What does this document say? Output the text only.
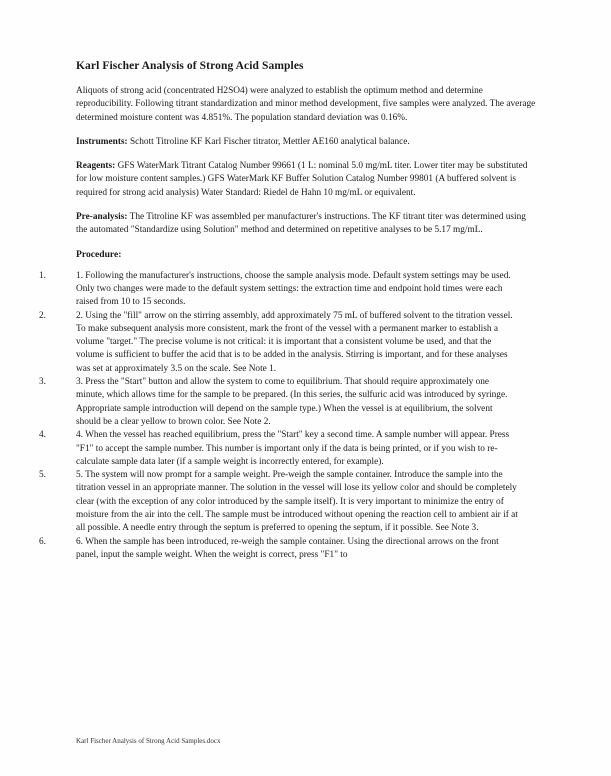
Karl Fischer Analysis of Strong Acid Samples

Aliquots of strong acid (concentrated H2SO4) were analyzed to establish the optimum method and determine reproducibility. Following titrant standardization and minor method development, five samples were analyzed. The average determined moisture content was 4.851%. The population standard deviation was 0.16%.

Instruments: Schott Titroline KF Karl Fischer titrator, Mettler AE160 analytical balance.

Reagents: GFS WaterMark Titrant Catalog Number 99661 (1 L: nominal 5.0 mg/mL titer. Lower titer may be substituted for low moisture content samples.) GFS WaterMark KF Buffer Solution Catalog Number 99801 (A buffered solvent is required for strong acid analysis) Water Standard: Riedel de Hahn 10 mg/mL or equivalent.

Pre-analysis: The Titroline KF was assembled per manufacturer's instructions. The KF titrant titer was determined using the automated "Standardize using Solution" method and determined on repetitive analyses to be 5.17 mg/mL.

Procedure:
1.	1. Following the manufacturer's instructions, choose the sample analysis mode. Default system settings may be used. Only two changes were made to the default system settings: the extraction time and endpoint hold times were each raised from 10 to 15 seconds.
2.	2. Using the "fill" arrow on the stirring assembly, add approximately 75 mL of buffered solvent to the titration vessel. To make subsequent analysis more consistent, mark the front of the vessel with a permanent marker to establish a volume "target." The precise volume is not critical: it is important that a consistent volume be used, and that the volume is sufficient to buffer the acid that is to be added in the analysis. Stirring is important, and for these analyses was set at approximately 3.5 on the scale. See Note 1.
3.	3. Press the "Start" button and allow the system to come to equilibrium. That should require approximately one minute, which allows time for the sample to be prepared. (In this series, the sulfuric acid was introduced by syringe. Appropriate sample introduction will depend on the sample type.) When the vessel is at equilibrium, the solvent should be a clear yellow to brown color. See Note 2.
4.	4. When the vessel has reached equilibrium, press the "Start" key a second time. A sample number will appear. Press "F1" to accept the sample number. This number is important only if the data is being printed, or if you wish to re-calculate sample data later (if a sample weight is incorrectly entered, for example).
5.	5. The system will now prompt for a sample weight. Pre-weigh the sample container. Introduce the sample into the titration vessel in an appropriate manner. The solution in the vessel will lose its yellow color and should be completely clear (with the exception of any color introduced by the sample itself). It is very important to minimize the entry of moisture from the air into the cell. The sample must be introduced without opening the reaction cell to ambient air if at all possible. A needle entry through the septum is preferred to opening the septum, if it possible. See Note 3.
6.	6. When the sample has been introduced, re-weigh the sample container. Using the directional arrows on the front panel, input the sample weight. When the weight is correct, press "F1" to
Karl Fischer Analysis of Strong Acid Samples.docx
